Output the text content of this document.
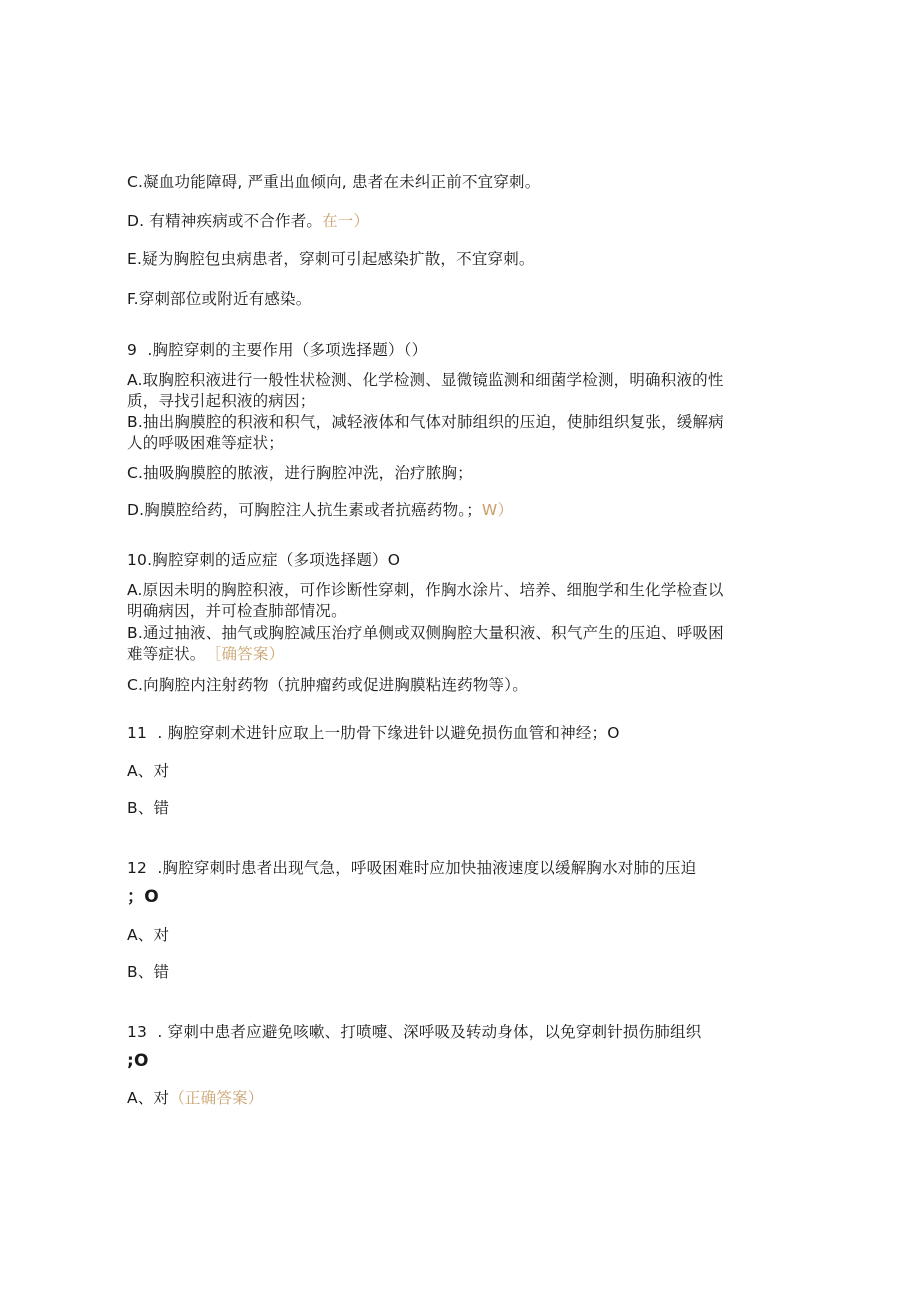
C.凝血功能障碍, 严重出血倾向, 患者在未纠正前不宜穿刺。
D. 有精神疾病或不合作者。在一）
E.疑为胸腔包虫病患者，穿刺可引起感染扩散，不宜穿刺。
F.穿刺部位或附近有感染。
9  .胸腔穿刺的主要作用（多项选择题）（）
A.取胸腔积液进行一般性状检测、化学检测、显微镜监测和细菌学检测，明确积液的性
质，寻找引起积液的病因；
B.抽出胸膜腔的积液和积气，减轻液体和气体对肺组织的压迫，使肺组织复张，缓解病
人的呼吸困难等症状；
C.抽吸胸膜腔的脓液，进行胸腔冲洗，治疗脓胸；
D.胸膜腔给药，可胸腔注人抗生素或者抗癌药物。；W）
10.胸腔穿刺的适应症（多项选择题）O
A.原因未明的胸腔积液，可作诊断性穿刺，作胸水涂片、培养、细胞学和生化学检查以
明确病因，并可检查肺部情况。
B.通过抽液、抽气或胸腔减压治疗单侧或双侧胸腔大量积液、积气产生的压迫、呼吸困
难等症状。 ［确答案）
C.向胸腔内注射药物（抗肿瘤药或促进胸膜粘连药物等）。
11  . 胸腔穿刺术进针应取上一肋骨下缘进针以避免损伤血管和神经；O
A、对
B、错
12  .胸腔穿刺时患者出现气急，呼吸困难时应加快抽液速度以缓解胸水对肺的压迫
；O
A、对
B、错
13  . 穿刺中患者应避免咳嗽、打喷嚏、深呼吸及转动身体，以免穿刺针损伤肺组织
;O
A、对（正确答案）
